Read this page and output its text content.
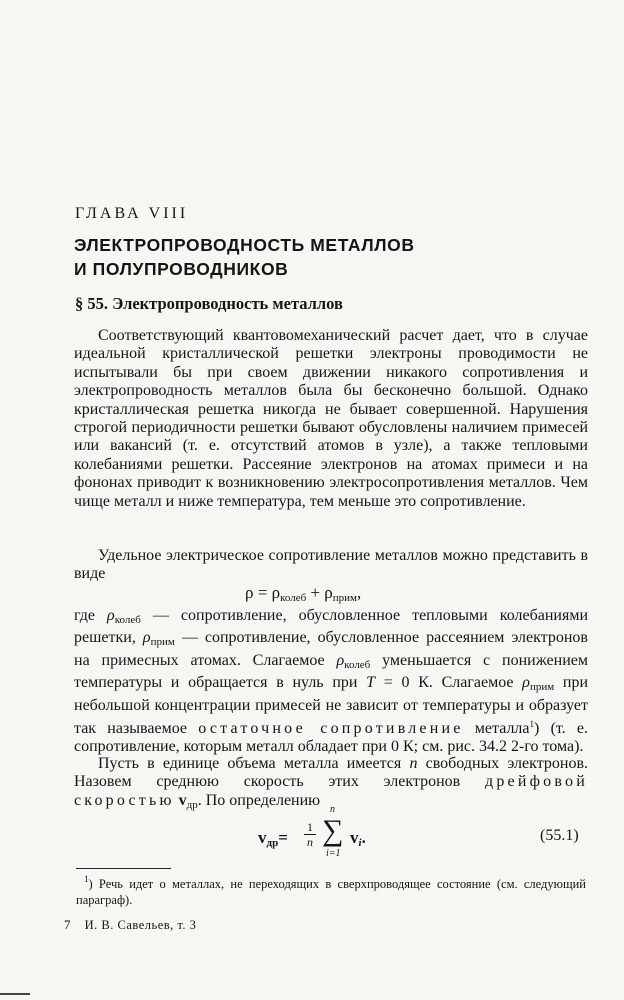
ГЛАВА VIII
ЭЛЕКТРОПРОВОДНОСТЬ МЕТАЛЛОВ
И ПОЛУПРОВОДНИКОВ
§ 55. Электропроводность металлов
Соответствующий квантовомеханический расчет дает, что в случае идеальной кристаллической решетки электроны проводимости не испытывали бы при своем движении никакого сопротивления и электропроводность металлов была бы бесконечно большой. Однако кристаллическая решетка никогда не бывает совершенной. Нарушения строгой периодичности решетки бывают обусловлены наличием примесей или вакансий (т. е. отсутствий атомов в узле), а также тепловыми колебаниями решетки. Рассеяние электронов на атомах примеси и на фононах приводит к возникновению электросопротивления металлов. Чем чище металл и ниже температура, тем меньше это сопротивление.
Удельное электрическое сопротивление металлов можно представить в виде
$\rho = \rho_{колеб} + \rho_{прим}$,
где $\rho_{колеб}$ — сопротивление, обусловленное тепловыми колебаниями решетки, $\rho_{прим}$ — сопротивление, обусловленное рассеянием электронов на примесных атомах. Слагаемое $\rho_{колеб}$ уменьшается с понижением температуры и обращается в нуль при T = 0 К. Слагаемое $\rho_{прим}$ при небольшой концентрации примесей не зависит от температуры и образует так называемое остаточное сопротивление металла$^1$) (т. е. сопротивление, которым металл обладает при 0 К; см. рис. 34.2 2-го тома).
Пусть в единице объема металла имеется n свободных электронов. Назовем среднюю скорость этих электронов дрейфовой скоростью $v_{др}$. По определению
$v_{др}= \frac{1}{n}$
n
∑
i=1
$v_i$.	(55.1)

$^1$) Речь идет о металлах, не переходящих в сверхпроводящее состояние (см. следующий параграф).

7 И. В. Савельев, т. 3
